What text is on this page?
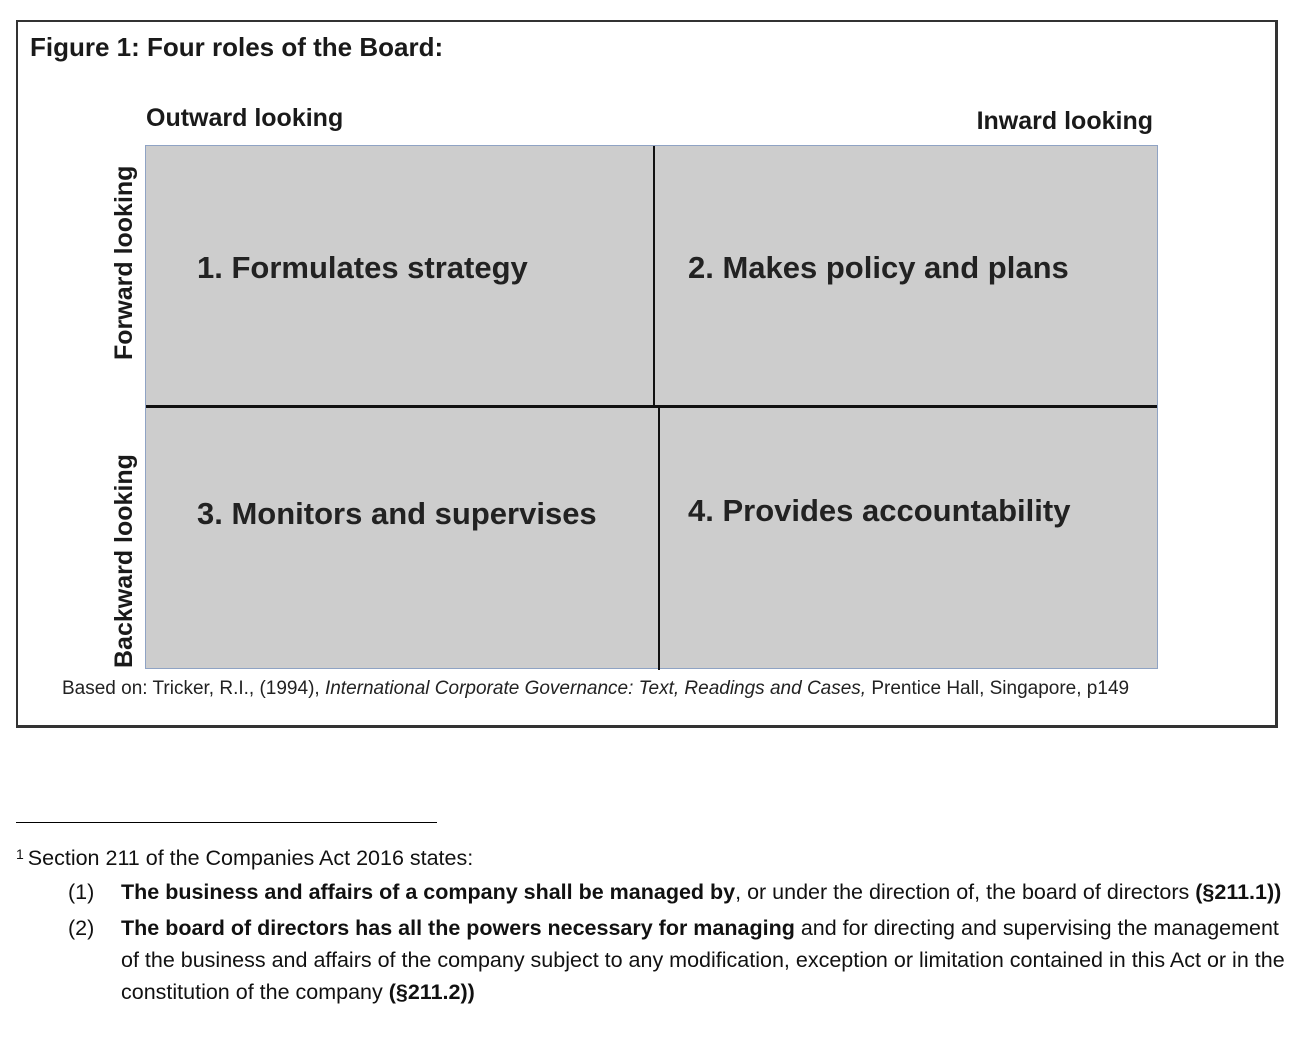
Figure 1: Four roles of the Board:
Outward looking	Inward looking
Forward looking
Backward looking
1. Formulates strategy	2. Makes policy and plans
3. Monitors and supervises	4. Provides accountability
Based on: Tricker, R.I., (1994), International Corporate Governance: Text, Readings and Cases, Prentice Hall, Singapore, p149
$^1$ Section 211 of the Companies Act 2016 states:
(1) The business and affairs of a company shall be managed by, or under the direction of, the board of directors (§211.1))
(2) The board of directors has all the powers necessary for managing and for directing and supervising the management of the business and affairs of the company subject to any modification, exception or limitation contained in this Act or in the constitution of the company (§211.2))
